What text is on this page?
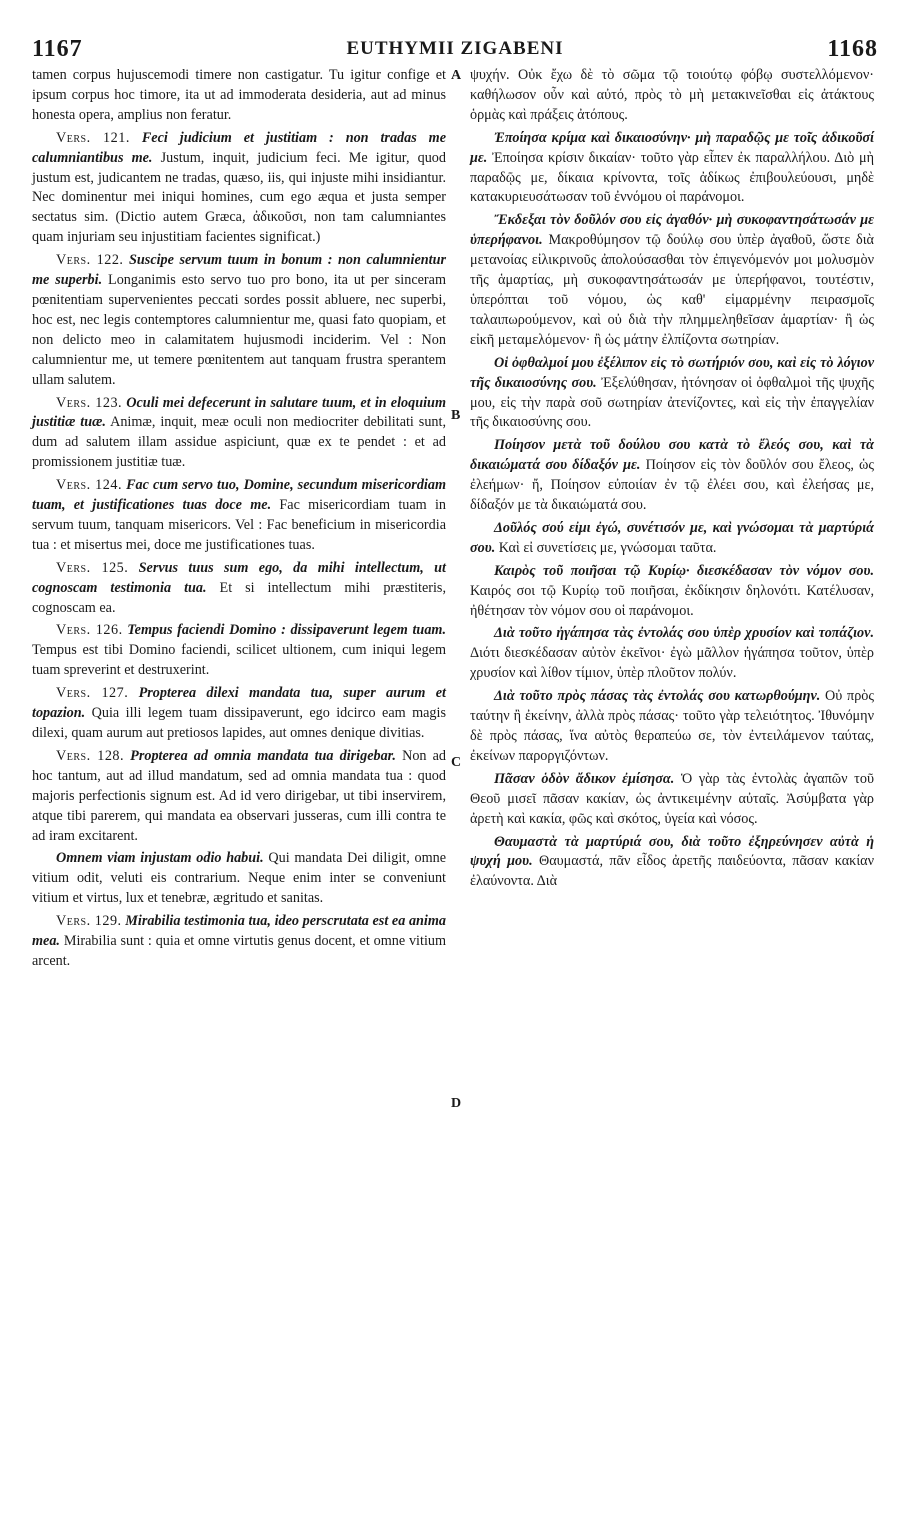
1167	EUTHYMII ZIGABENI	1168

tamen corpus hujuscemodi timere non castigatur. Tu igitur confige et ipsum corpus hoc timore, ita ut ad immoderata desideria, aut ad minus honesta opera, amplius non feratur.

Vers. 121. Feci judicium et justitiam : non tradas me calumniantibus me. Justum, inquit, judicium feci. Me igitur, quod justum est, judicantem ne tradas, quæso, iis, qui injuste mihi insidiantur. Nec dominentur mei iniqui homines, cum ego æqua et justa semper sectatus sim. (Dictio autem Græca, ἀδικοῦσι, non tam calumniantes quam injuriam seu injustitiam facientes significat.)

Vers. 122. Suscipe servum tuum in bonum : non calumnientur me superbi. Longanimis esto servo tuo pro bono, ita ut per sinceram pœnitentiam supervenientes peccati sordes possit abluere, nec superbi, hoc est, nec legis contemptores calumnientur me, quasi fato quopiam, et non delicto meo in calamitatem hujusmodi inciderim. Vel : Non calumnientur me, ut temere pœnitentem aut tanquam frustra sperantem ullam salutem.

Vers. 123. Oculi mei defecerunt in salutare tuum, et in eloquium justitiæ tuæ. Animæ, inquit, meæ oculi non mediocriter debilitati sunt, dum ad salutem illam assidue aspiciunt, quæ ex te pendet : et ad promissionem justitiæ tuæ.

Vers. 124. Fac cum servo tuo, Domine, secundum misericordiam tuam, et justificationes tuas doce me. Fac misericordiam tuam in servum tuum, tanquam misericors. Vel : Fac beneficium in misericordia tua : et misertus mei, doce me justificationes tuas.

Vers. 125. Servus tuus sum ego, da mihi intellectum, ut cognoscam testimonia tua. Et si intellectum mihi præstiteris, cognoscam ea.

Vers. 126. Tempus faciendi Domino : dissipaverunt legem tuam. Tempus est tibi Domino faciendi, scilicet ultionem, cum iniqui legem tuam spreverint et destruxerint.

Vers. 127. Propterea dilexi mandata tua, super aurum et topazion. Quia illi legem tuam dissipaverunt, ego idcirco eam magis dilexi, quam aurum aut pretiosos lapides, aut omnes denique divitias.

Vers. 128. Propterea ad omnia mandata tua dirigebar. Non ad hoc tantum, aut ad illud mandatum, sed ad omnia mandata tua : quod majoris perfectionis signum est. Ad id vero dirigebar, ut tibi inservirem, atque tibi parerem, qui mandata ea observari jusseras, cum illi contra te ad iram excitarent.

Omnem viam injustam odio habui. Qui mandata Dei diligit, omne vitium odit, veluti eis contrarium. Neque enim inter se conveniunt vitium et virtus, lux et tenebræ, ægritudo et sanitas.

Vers. 129. Mirabilia testimonia tua, ideo perscrutata est ea anima mea. Mirabilia sunt : quia et omne virtutis genus docent, et omne vitium arcent.

ψυχήν. Οὐκ ἔχω δὲ τὸ σῶμα τῷ τοιούτῳ φόβῳ συστελλόμενον· καθήλωσον οὖν καὶ αὐτό, πρὸς τὸ μὴ μετακινεῖσθαι εἰς ἀτάκτους ὁρμὰς καὶ πράξεις ἀτόπους.

Ἐποίησα κρίμα καὶ δικαιοσύνην· μὴ παραδῷς με τοῖς ἀδικοῦσί με. Ἐποίησα κρίσιν δικαίαν· τοῦτο γὰρ εἶπεν ἐκ παραλλήλου. Διὸ μὴ παραδῷς με, δίκαια κρίνοντα, τοῖς ἀδίκως ἐπιβουλεύουσι, μηδὲ κατακυριευσάτωσαν τοῦ ἐννόμου οἱ παράνομοι.

Ἔκδεξαι τὸν δοῦλόν σου εἰς ἀγαθόν· μὴ συκοφαντησάτωσάν με ὑπερήφανοι. Μακροθύμησον τῷ δούλῳ σου ὑπὲρ ἀγαθοῦ, ὥστε διὰ μετανοίας εἰλικρινοῦς ἀπολούσασθαι τὸν ἐπιγενόμενόν μοι μολυσμὸν τῆς ἁμαρτίας, μὴ συκοφαντησάτωσάν με ὑπερήφανοι, τουτέστιν, ὑπερόπται τοῦ νόμου, ὡς καθ' εἱμαρμένην πειρασμοῖς ταλαιπωρούμενον, καὶ οὐ διὰ τὴν πλημμεληθεῖσαν ἁμαρτίαν· ἢ ὡς εἰκῆ μεταμελόμενον· ἢ ὡς μάτην ἐλπίζοντα σωτηρίαν.

Οἱ ὀφθαλμοί μου ἐξέλιπον εἰς τὸ σωτήριόν σου, καὶ εἰς τὸ λόγιον τῆς δικαιοσύνης σου. Ἐξελύθησαν, ἠτόνησαν οἱ ὀφθαλμοὶ τῆς ψυχῆς μου, εἰς τὴν παρὰ σοῦ σωτηρίαν ἀτενίζοντες, καὶ εἰς τὴν ἐπαγγελίαν τῆς δικαιοσύνης σου.

Ποίησον μετὰ τοῦ δούλου σου κατὰ τὸ ἔλεός σου, καὶ τὰ δικαιώματά σου δίδαξόν με. Ποίησον εἰς τὸν δοῦλόν σου ἔλεος, ὡς ἐλεήμων· ἤ, Ποίησον εὐποιίαν ἐν τῷ ἐλέει σου, καὶ ἐλεήσας με, δίδαξόν με τὰ δικαιώματά σου.

Δοῦλός σού εἰμι ἐγώ, συνέτισόν με, καὶ γνώσομαι τὰ μαρτύριά σου. Καὶ εἰ συνετίσεις με, γνώσομαι ταῦτα.

Καιρὸς τοῦ ποιῆσαι τῷ Κυρίῳ· διεσκέδασαν τὸν νόμον σου. Καιρός σοι τῷ Κυρίῳ τοῦ ποιῆσαι, ἐκδίκησιν δηλονότι. Κατέλυσαν, ἠθέτησαν τὸν νόμον σου οἱ παράνομοι.

Διὰ τοῦτο ἠγάπησα τὰς ἐντολάς σου ὑπὲρ χρυσίον καὶ τοπάζιον. Διότι διεσκέδασαν αὐτὸν ἐκεῖνοι· ἐγὼ μᾶλλον ἠγάπησα τοῦτον, ὑπὲρ χρυσίον καὶ λίθον τίμιον, ὑπὲρ πλοῦτον πολύν.

Διὰ τοῦτο πρὸς πάσας τὰς ἐντολάς σου κατωρθούμην. Οὐ πρὸς ταύτην ἢ ἐκείνην, ἀλλὰ πρὸς πάσας· τοῦτο γὰρ τελειότητος. Ἰθυνόμην δὲ πρὸς πάσας, ἵνα αὐτὸς θεραπεύω σε, τὸν ἐντειλάμενον ταύτας, ἐκείνων παροργιζόντων.

Πᾶσαν ὁδὸν ἄδικον ἐμίσησα. Ὁ γὰρ τὰς ἐντολὰς ἀγαπῶν τοῦ Θεοῦ μισεῖ πᾶσαν κακίαν, ὡς ἀντικειμένην αὐταῖς. Ἀσύμβατα γὰρ ἀρετὴ καὶ κακία, φῶς καὶ σκότος, ὑγεία καὶ νόσος.

Θαυμαστὰ τὰ μαρτύριά σου, διὰ τοῦτο ἐξηρεύνησεν αὐτὰ ἡ ψυχή μου. Θαυμαστά, πᾶν εἶδος ἀρετῆς παιδεύοντα, πᾶσαν κακίαν ἐλαύνοντα. Διὰ

A
B
C
D
